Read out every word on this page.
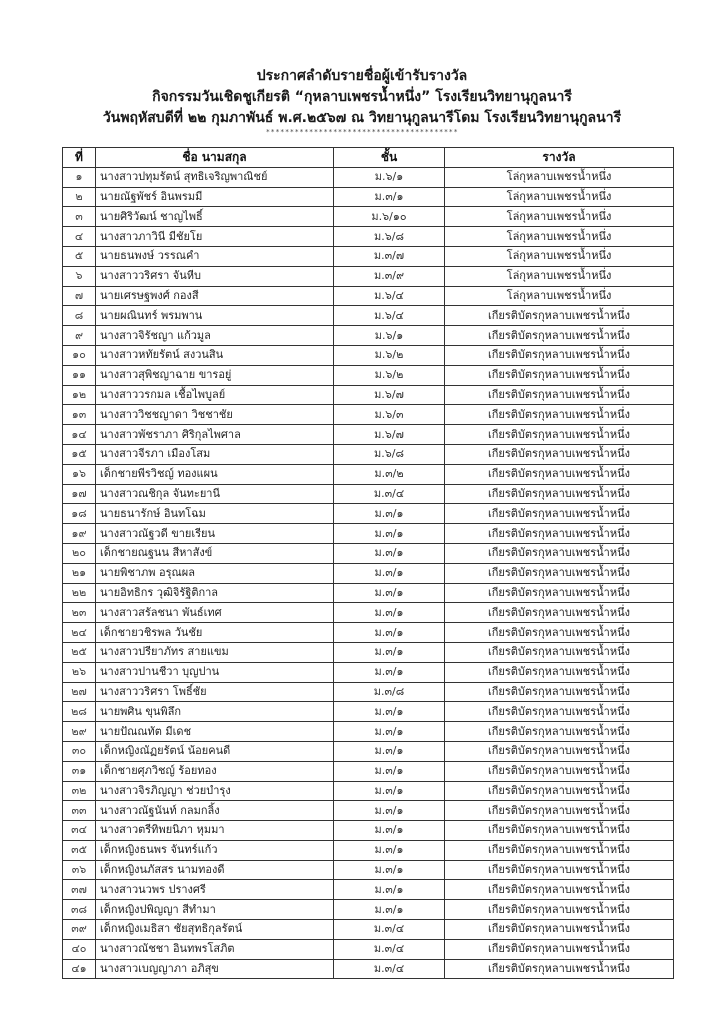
ประกาศลำดับรายชื่อผู้เข้ารับรางวัล
กิจกรรมวันเชิดชูเกียรติ “กุหลาบเพชรน้ำหนึ่ง” โรงเรียนวิทยานุกูลนารี
วันพฤหัสบดีที่ ๒๒ กุมภาพันธ์ พ.ศ.๒๕๖๗ ณ วิทยานุกูลนารีโดม โรงเรียนวิทยานุกูลนารี
****************************************
ที่	ชื่อ นามสกุล	ชั้น	รางวัล
๑	นางสาวปทุมรัตน์ สุทธิเจริญพาณิชย์	ม.๖/๑	โล่กุหลาบเพชรน้ำหนึ่ง
๒	นายณัฐพัชร์ อินพรมมี	ม.๓/๑	โล่กุหลาบเพชรน้ำหนึ่ง
๓	นายศิริวัฒน์ ชาญไพธิ์	ม.๖/๑๐	โล่กุหลาบเพชรน้ำหนึ่ง
๔	นางสาวภาวินี มีชัยโย	ม.๖/๘	โล่กุหลาบเพชรน้ำหนึ่ง
๕	นายธนพงษ์ วรรณคำ	ม.๓/๗	โล่กุหลาบเพชรน้ำหนึ่ง
๖	นางสาววริศรา จันหีบ	ม.๓/๙	โล่กุหลาบเพชรน้ำหนึ่ง
๗	นายเศรษฐพงศ์ กองสี	ม.๖/๔	โล่กุหลาบเพชรน้ำหนึ่ง
๘	นายผณินทร์ พรมพาน	ม.๖/๔	เกียรติบัตรกุหลาบเพชรน้ำหนึ่ง
๙	นางสาวจิรัชญา แก้วมูล	ม.๖/๑	เกียรติบัตรกุหลาบเพชรน้ำหนึ่ง
๑๐	นางสาวหทัยรัตน์ สงวนสิน	ม.๖/๒	เกียรติบัตรกุหลาบเพชรน้ำหนึ่ง
๑๑	นางสาวสุพิชญาฉาย ขารอยู่	ม.๖/๒	เกียรติบัตรกุหลาบเพชรน้ำหนึ่ง
๑๒	นางสาววรกมล เชื้อไพบูลย์	ม.๖/๗	เกียรติบัตรกุหลาบเพชรน้ำหนึ่ง
๑๓	นางสาววิชชญาดา วิชชาชัย	ม.๖/๓	เกียรติบัตรกุหลาบเพชรน้ำหนึ่ง
๑๔	นางสาวพัชราภา ศิริกุลไพศาล	ม.๖/๗	เกียรติบัตรกุหลาบเพชรน้ำหนึ่ง
๑๕	นางสาวจีรภา เมืองโสม	ม.๖/๘	เกียรติบัตรกุหลาบเพชรน้ำหนึ่ง
๑๖	เด็กชายพีรวิชญ์ ทองแผน	ม.๓/๒	เกียรติบัตรกุหลาบเพชรน้ำหนึ่ง
๑๗	นางสาวณชิกุล จันทะยานี	ม.๓/๔	เกียรติบัตรกุหลาบเพชรน้ำหนึ่ง
๑๘	นายธนารักษ์ อินทโฉม	ม.๓/๑	เกียรติบัตรกุหลาบเพชรน้ำหนึ่ง
๑๙	นางสาวณัฐวดี ขายเรียน	ม.๓/๑	เกียรติบัตรกุหลาบเพชรน้ำหนึ่ง
๒๐	เด็กชายณฐนน สีหาสังข์	ม.๓/๑	เกียรติบัตรกุหลาบเพชรน้ำหนึ่ง
๒๑	นายพิชาภพ อรุณผล	ม.๓/๑	เกียรติบัตรกุหลาบเพชรน้ำหนึ่ง
๒๒	นายอิทธิกร วุฒิจิรัฐิติกาล	ม.๓/๑	เกียรติบัตรกุหลาบเพชรน้ำหนึ่ง
๒๓	นางสาวสรัลชนา พันธ์เทศ	ม.๓/๑	เกียรติบัตรกุหลาบเพชรน้ำหนึ่ง
๒๔	เด็กชายวชิรพล วันชัย	ม.๓/๑	เกียรติบัตรกุหลาบเพชรน้ำหนึ่ง
๒๕	นางสาวปรียาภัทร สายแขม	ม.๓/๑	เกียรติบัตรกุหลาบเพชรน้ำหนึ่ง
๒๖	นางสาวปานชีวา บุญปาน	ม.๓/๑	เกียรติบัตรกุหลาบเพชรน้ำหนึ่ง
๒๗	นางสาววริศรา โพธิ์ชัย	ม.๓/๘	เกียรติบัตรกุหลาบเพชรน้ำหนึ่ง
๒๘	นายพศิน ขุนพิลึก	ม.๓/๑	เกียรติบัตรกุหลาบเพชรน้ำหนึ่ง
๒๙	นายปัณณทัต มีเดช	ม.๓/๑	เกียรติบัตรกุหลาบเพชรน้ำหนึ่ง
๓๐	เด็กหญิงณัฏยรัตน์ น้อยคนดี	ม.๓/๑	เกียรติบัตรกุหลาบเพชรน้ำหนึ่ง
๓๑	เด็กชายศุภวิชญ์ ร้อยทอง	ม.๓/๑	เกียรติบัตรกุหลาบเพชรน้ำหนึ่ง
๓๒	นางสาวจิรภิญญา ช่วยบำรุง	ม.๓/๑	เกียรติบัตรกุหลาบเพชรน้ำหนึ่ง
๓๓	นางสาวณัฐนันท์ กลมกลิ้ง	ม.๓/๑	เกียรติบัตรกุหลาบเพชรน้ำหนึ่ง
๓๔	นางสาวตรีทิพยนิภา หุมมา	ม.๓/๑	เกียรติบัตรกุหลาบเพชรน้ำหนึ่ง
๓๕	เด็กหญิงธนพร จันทร์แก้ว	ม.๓/๑	เกียรติบัตรกุหลาบเพชรน้ำหนึ่ง
๓๖	เด็กหญิงนภัสสร นามทองดี	ม.๓/๑	เกียรติบัตรกุหลาบเพชรน้ำหนึ่ง
๓๗	นางสาวนวพร ปรางศรี	ม.๓/๑	เกียรติบัตรกุหลาบเพชรน้ำหนึ่ง
๓๘	เด็กหญิงปพิญญา สีทำมา	ม.๓/๑	เกียรติบัตรกุหลาบเพชรน้ำหนึ่ง
๓๙	เด็กหญิงเมธิสา ชัยสุทธิกุลรัตน์	ม.๓/๔	เกียรติบัตรกุหลาบเพชรน้ำหนึ่ง
๔๐	นางสาวณัชชา อินทพรโสภิต	ม.๓/๔	เกียรติบัตรกุหลาบเพชรน้ำหนึ่ง
๔๑	นางสาวเบญญาภา อภิสุข	ม.๓/๔	เกียรติบัตรกุหลาบเพชรน้ำหนึ่ง
